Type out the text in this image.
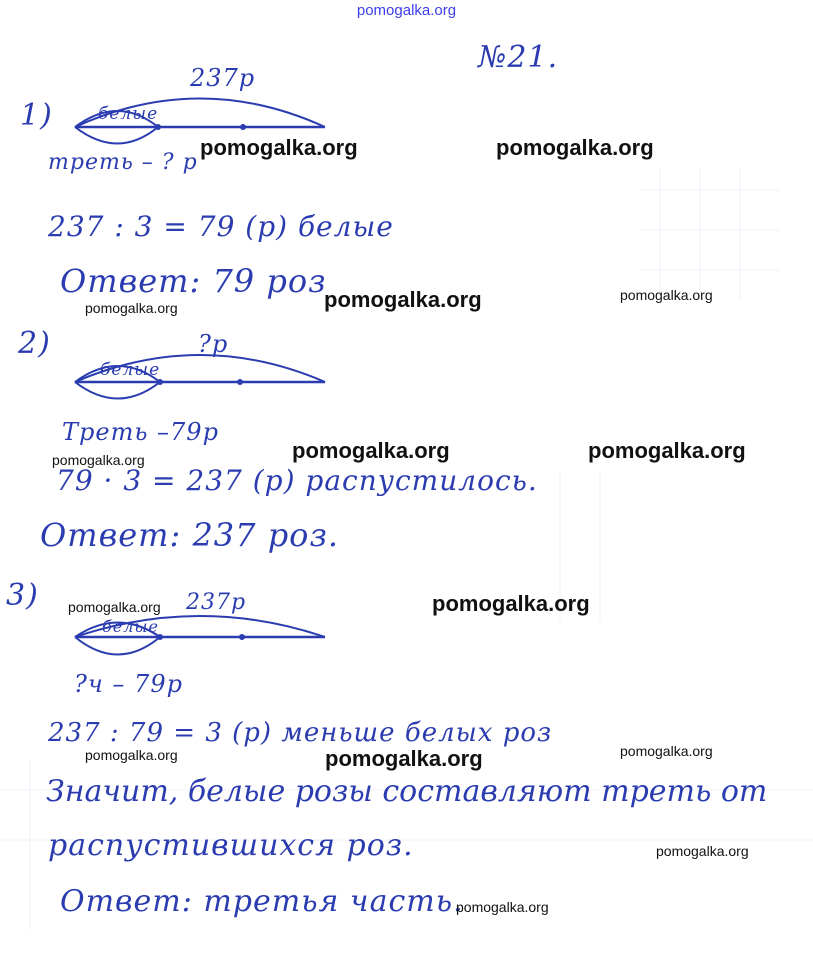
pomogalka.org
№21.
1)
237р
белые
треть – ? р
237 : 3 = 79 (р) белые
Ответ: 79 роз
2)	?р
белые
Треть –79р
79 · 3 = 237 (р) распустилось.
Ответ: 237 роз.
3)	237р
белые
?ч – 79р
237 : 79 = 3 (р) меньше белых роз
Значит, белые розы составляют треть от
распустившихся роз.
Ответ: третья часть.
pomogalka.org	pomogalka.org
pomogalka.org	pomogalka.org	pomogalka.org
pomogalka.org	pomogalka.org	pomogalka.org
pomogalka.org	pomogalka.org
pomogalka.org	pomogalka.org	pomogalka.org
pomogalka.org
pomogalka.org
